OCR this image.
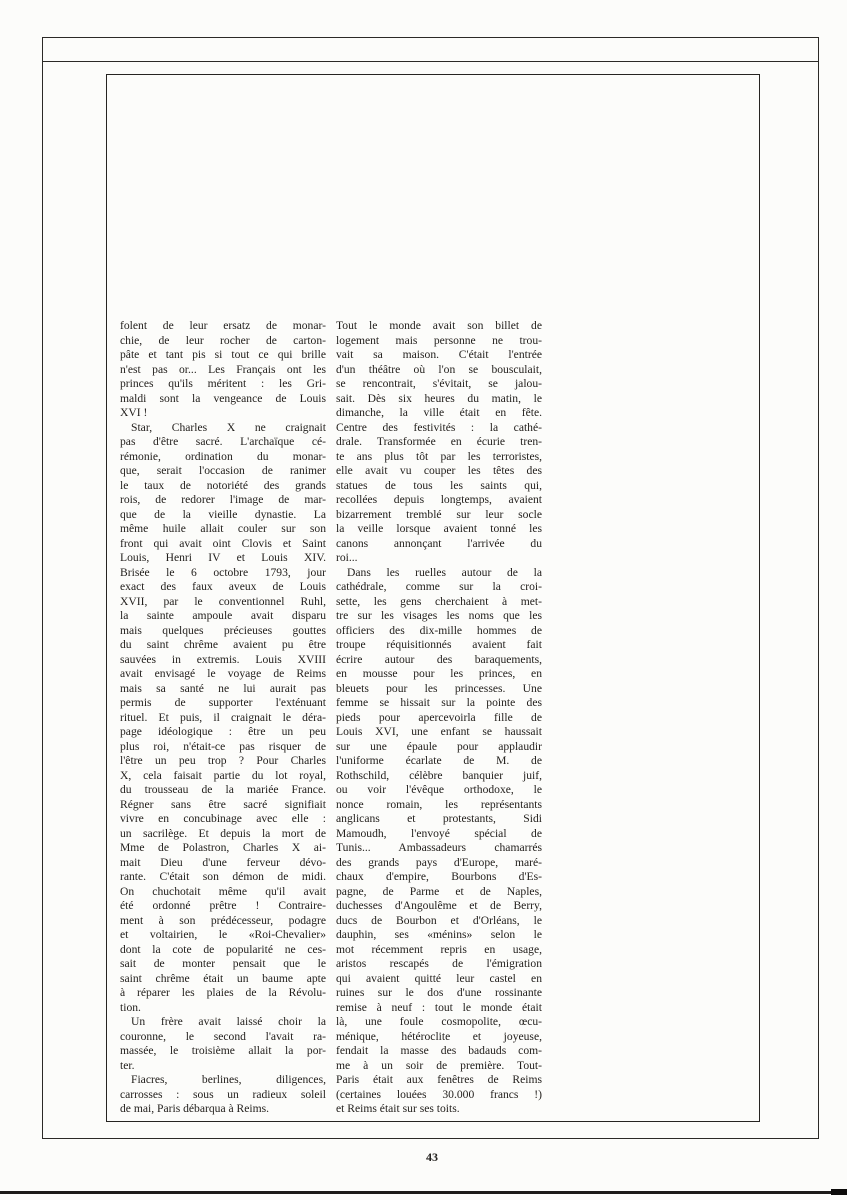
folent de leur ersatz de monar-
chie, de leur rocher de carton-
pâte et tant pis si tout ce qui brille
n'est pas or... Les Français ont les
princes qu'ils méritent : les Gri-
maldi sont la vengeance de Louis
XVI !
Star, Charles X ne craignait
pas d'être sacré. L'archaïque cé-
rémonie, ordination du monar-
que, serait l'occasion de ranimer
le taux de notoriété des grands
rois, de redorer l'image de mar-
que de la vieille dynastie. La
même huile allait couler sur son
front qui avait oint Clovis et Saint
Louis, Henri IV et Louis XIV.
Brisée le 6 octobre 1793, jour
exact des faux aveux de Louis
XVII, par le conventionnel Ruhl,
la sainte ampoule avait disparu
mais quelques précieuses gouttes
du saint chrême avaient pu être
sauvées in extremis. Louis XVIII
avait envisagé le voyage de Reims
mais sa santé ne lui aurait pas
permis de supporter l'exténuant
rituel. Et puis, il craignait le déra-
page idéologique : être un peu
plus roi, n'était-ce pas risquer de
l'être un peu trop ? Pour Charles
X, cela faisait partie du lot royal,
du trousseau de la mariée France.
Régner sans être sacré signifiait
vivre en concubinage avec elle :
un sacrilège. Et depuis la mort de
Mme de Polastron, Charles X ai-
mait Dieu d'une ferveur dévo-
rante. C'était son démon de midi.
On chuchotait même qu'il avait
été ordonné prêtre ! Contraire-
ment à son prédécesseur, podagre
et voltairien, le «Roi-Chevalier»
dont la cote de popularité ne ces-
sait de monter pensait que le
saint chrême était un baume apte
à réparer les plaies de la Révolu-
tion.
Un frère avait laissé choir la
couronne, le second l'avait ra-
massée, le troisième allait la por-
ter.
Fiacres, berlines, diligences,
carrosses : sous un radieux soleil
de mai, Paris débarqua à Reims.
Tout le monde avait son billet de
logement mais personne ne trou-
vait sa maison. C'était l'entrée
d'un théâtre où l'on se bousculait,
se rencontrait, s'évitait, se jalou-
sait. Dès six heures du matin, le
dimanche, la ville était en fête.
Centre des festivités : la cathé-
drale. Transformée en écurie tren-
te ans plus tôt par les terroristes,
elle avait vu couper les têtes des
statues de tous les saints qui,
recollées depuis longtemps, avaient
bizarrement tremblé sur leur socle
la veille lorsque avaient tonné les
canons annonçant l'arrivée du
roi...
Dans les ruelles autour de la
cathédrale, comme sur la croi-
sette, les gens cherchaient à met-
tre sur les visages les noms que les
officiers des dix-mille hommes de
troupe réquisitionnés avaient fait
écrire autour des baraquements,
en mousse pour les princes, en
bleuets pour les princesses. Une
femme se hissait sur la pointe des
pieds pour apercevoirla fille de
Louis XVI, une enfant se haussait
sur une épaule pour applaudir
l'uniforme écarlate de M. de
Rothschild, célèbre banquier juif,
ou voir l'évêque orthodoxe, le
nonce romain, les représentants
anglicans et protestants, Sidi
Mamoudh, l'envoyé spécial de
Tunis... Ambassadeurs chamarrés
des grands pays d'Europe, maré-
chaux d'empire, Bourbons d'Es-
pagne, de Parme et de Naples,
duchesses d'Angoulême et de Berry,
ducs de Bourbon et d'Orléans, le
dauphin, ses «ménins» selon le
mot récemment repris en usage,
aristos rescapés de l'émigration
qui avaient quitté leur castel en
ruines sur le dos d'une rossinante
remise à neuf : tout le monde était
là, une foule cosmopolite, œcu-
ménique, hétéroclite et joyeuse,
fendait la masse des badauds com-
me à un soir de première. Tout-
Paris était aux fenêtres de Reims
(certaines louées 30.000 francs !)
et Reims était sur ses toits.
43
